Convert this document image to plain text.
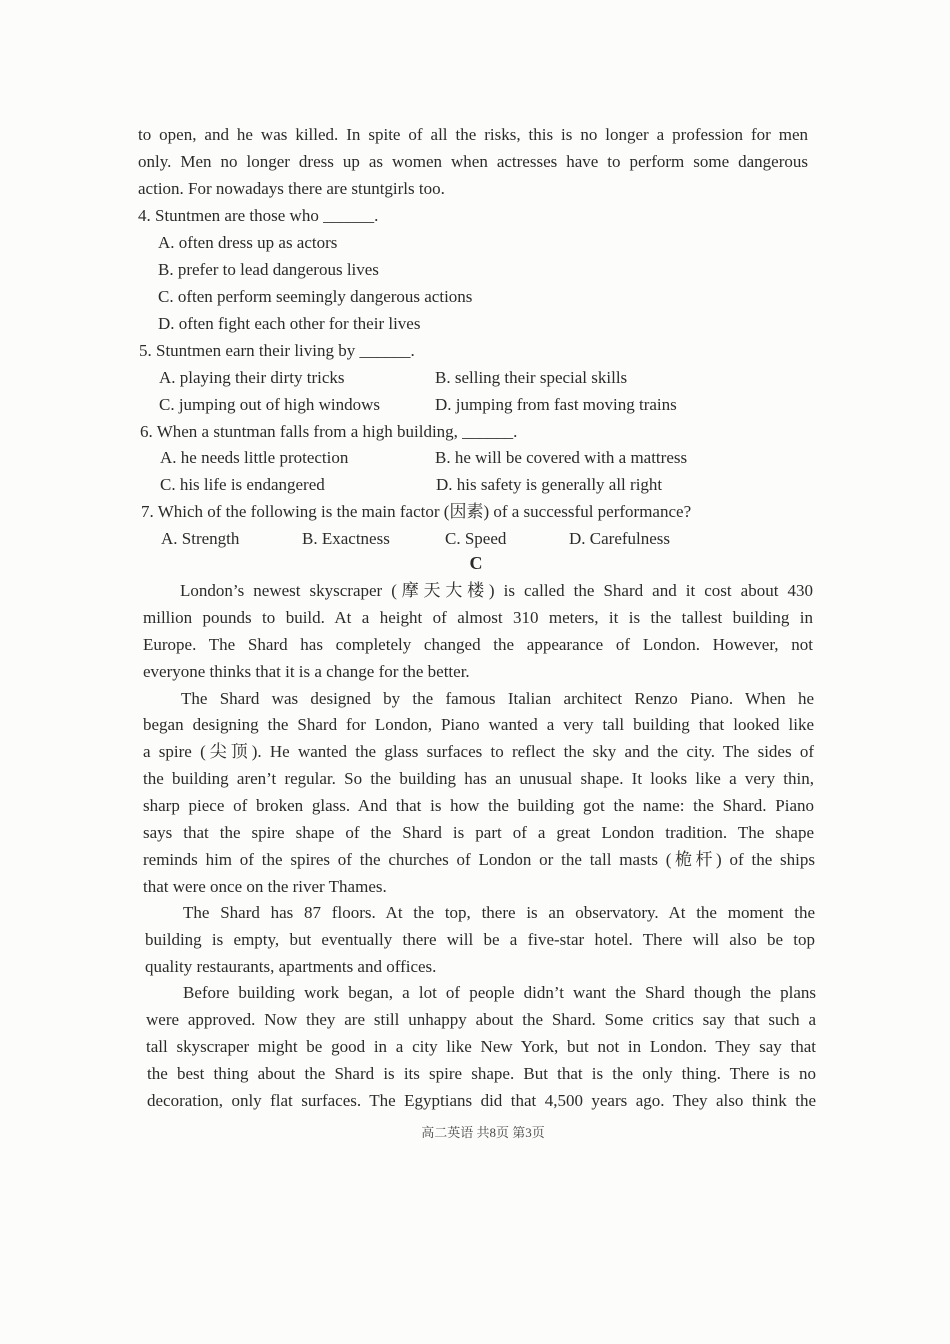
to open, and he was killed. In spite of all the risks, this is no longer a profession for men
only. Men no longer dress up as women when actresses have to perform some dangerous
action. For nowadays there are stuntgirls too.
4. Stuntmen are those who ______.
A. often dress up as actors
B. prefer to lead dangerous lives
C. often perform seemingly dangerous actions
D. often fight each other for their lives
5. Stuntmen earn their living by ______.
A. playing their dirty tricks	B. selling their special skills
C. jumping out of high windows	D. jumping from fast moving trains
6. When a stuntman falls from a high building, ______.
A. he needs little protection	B. he will be covered with a mattress
C. his life is endangered	D. his safety is generally all right
7. Which of the following is the main factor (因素) of a successful performance?
A. Strength	B. Exactness	C. Speed	D. Carefulness
C
London’s newest skyscraper (摩天大楼) is called the Shard and it cost about 430
million pounds to build. At a height of almost 310 meters, it is the tallest building in
Europe. The Shard has completely changed the appearance of London. However, not
everyone thinks that it is a change for the better.
The Shard was designed by the famous Italian architect Renzo Piano. When he
began designing the Shard for London, Piano wanted a very tall building that looked like
a spire (尖顶). He wanted the glass surfaces to reflect the sky and the city. The sides of
the building aren’t regular. So the building has an unusual shape. It looks like a very thin,
sharp piece of broken glass. And that is how the building got the name: the Shard. Piano
says that the spire shape of the Shard is part of a great London tradition. The shape
reminds him of the spires of the churches of London or the tall masts (桅杆) of the ships
that were once on the river Thames.
The Shard has 87 floors. At the top, there is an observatory. At the moment the
building is empty, but eventually there will be a five-star hotel. There will also be top
quality restaurants, apartments and offices.
Before building work began, a lot of people didn’t want the Shard though the plans
were approved. Now they are still unhappy about the Shard. Some critics say that such a
tall skyscraper might be good in a city like New York, but not in London. They say that
the best thing about the Shard is its spire shape. But that is the only thing. There is no
decoration, only flat surfaces. The Egyptians did that 4,500 years ago. They also think the
高二英语 共8页 第3页
